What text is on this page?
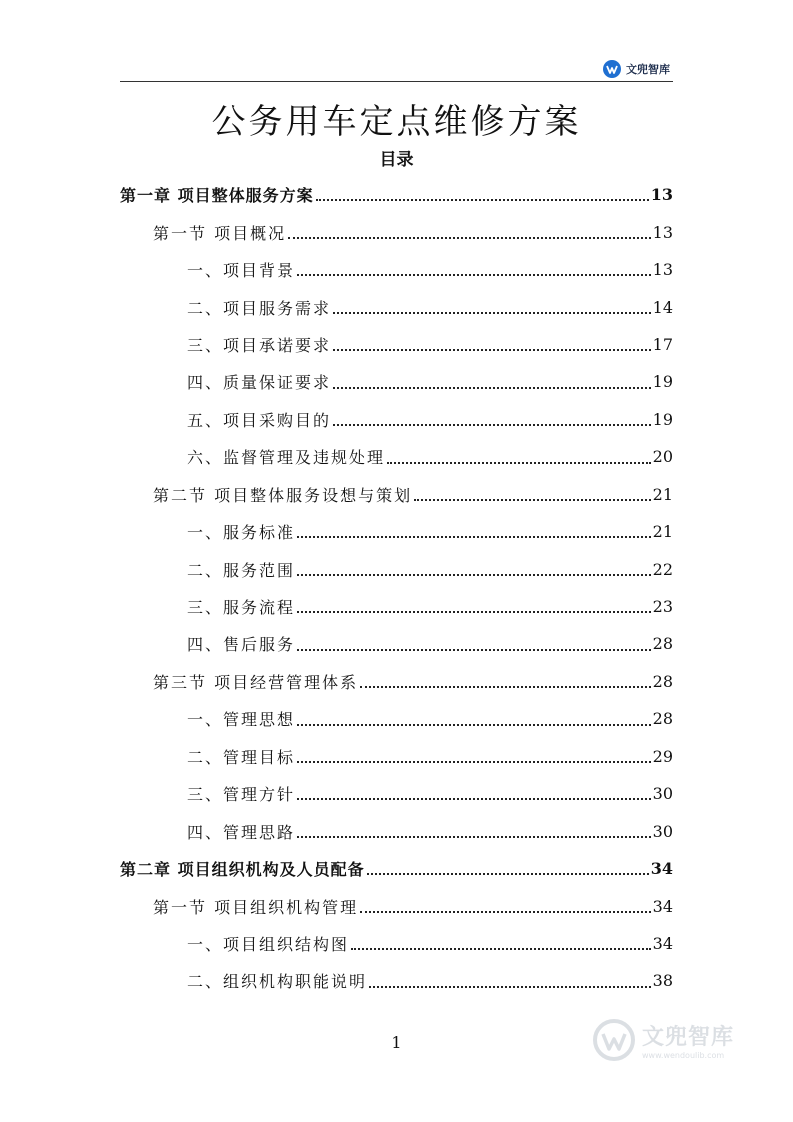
文兜智库
公务用车定点维修方案
目录
第一章 项目整体服务方案	13
第一节 项目概况	13
一、项目背景	13
二、项目服务需求	14
三、项目承诺要求	17
四、质量保证要求	19
五、项目采购目的	19
六、监督管理及违规处理	20
第二节 项目整体服务设想与策划	21
一、服务标准	21
二、服务范围	22
三、服务流程	23
四、售后服务	28
第三节 项目经营管理体系	28
一、管理思想	28
二、管理目标	29
三、管理方针	30
四、管理思路	30
第二章 项目组织机构及人员配备	34
第一节 项目组织机构管理	34
一、项目组织结构图	34
二、组织机构职能说明	38
1	文兜智库
www.wendoulib.com
